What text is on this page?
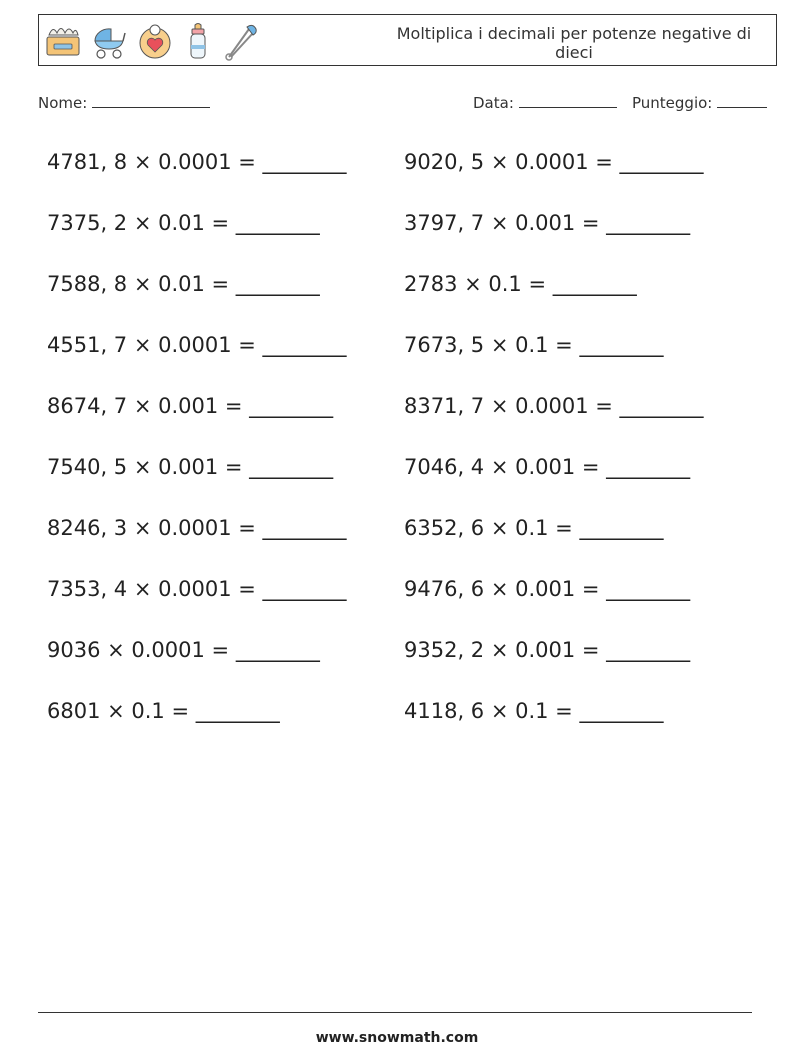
Moltiplica i decimali per potenze negative di dieci
Nome:	Data:	Punteggio:
4781, 8 × 0.0001 = ________
7375, 2 × 0.01 = ________
7588, 8 × 0.01 = ________
4551, 7 × 0.0001 = ________
8674, 7 × 0.001 = ________
7540, 5 × 0.001 = ________
8246, 3 × 0.0001 = ________
7353, 4 × 0.0001 = ________
9036 × 0.0001 = ________
6801 × 0.1 = ________
9020, 5 × 0.0001 = ________
3797, 7 × 0.001 = ________
2783 × 0.1 = ________
7673, 5 × 0.1 = ________
8371, 7 × 0.0001 = ________
7046, 4 × 0.001 = ________
6352, 6 × 0.1 = ________
9476, 6 × 0.001 = ________
9352, 2 × 0.001 = ________
4118, 6 × 0.1 = ________
www.snowmath.com
